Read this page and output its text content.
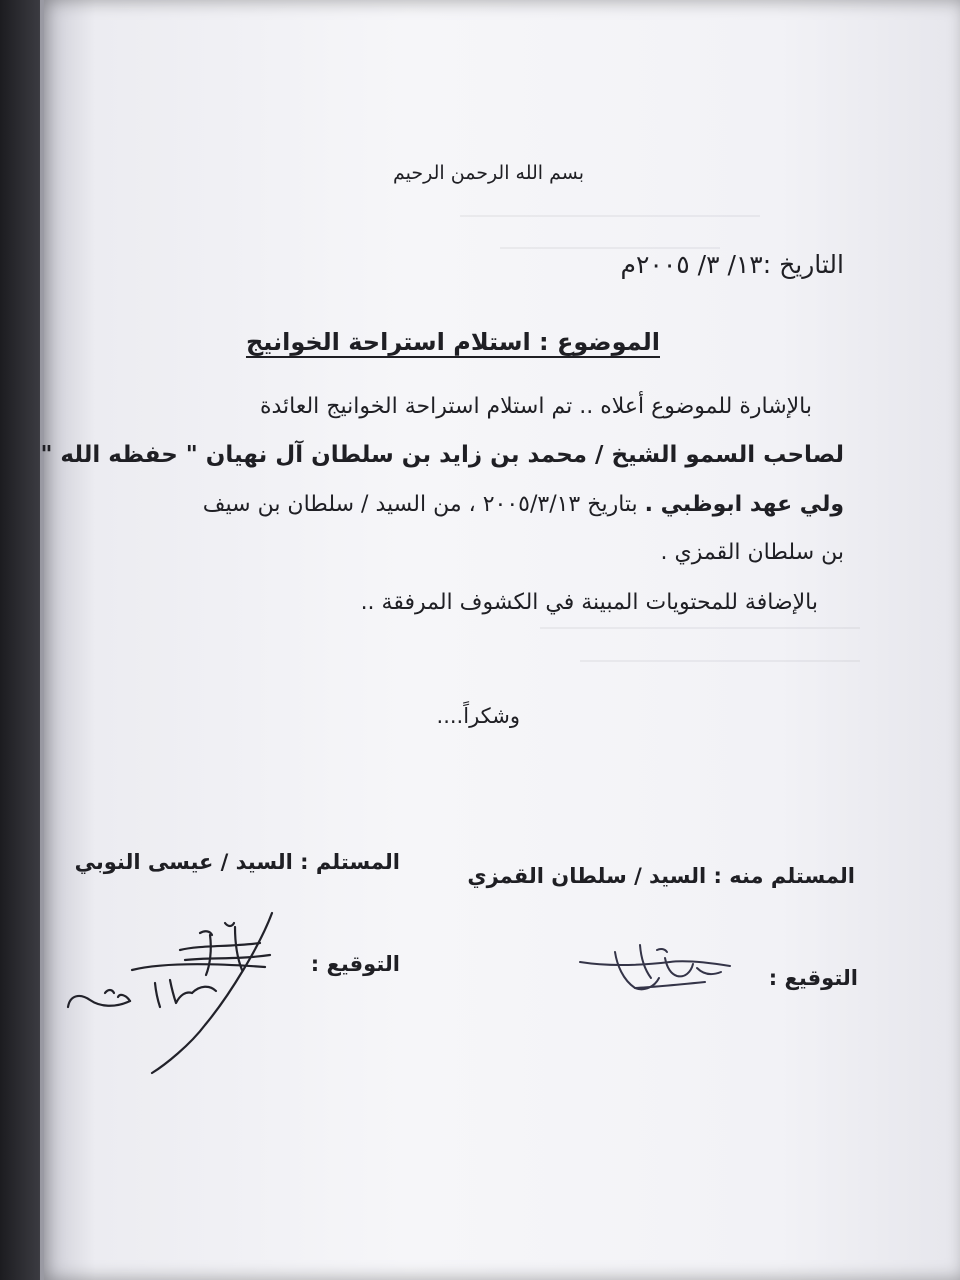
بسم الله الرحمن الرحيم
التاريخ :١٣/ ٣/ ٢٠٠٥م
الموضوع : استلام استراحة الخوانيج
بالإشارة للموضوع أعلاه .. تم استلام استراحة الخوانيج العائدة
لصاحب السمو الشيخ / محمد بن زايد بن سلطان آل نهيان " حفظه الله "
ولي عهد ابوظبي . بتاريخ ٢٠٠٥/٣/١٣ ، من السيد / سلطان بن سيف
بن سلطان القمزي .
بالإضافة للمحتويات المبينة في الكشوف المرفقة ..
وشكراً....
المستلم : السيد / عيسى النوبي
المستلم منه : السيد / سلطان القمزي
التوقيع :
التوقيع :
